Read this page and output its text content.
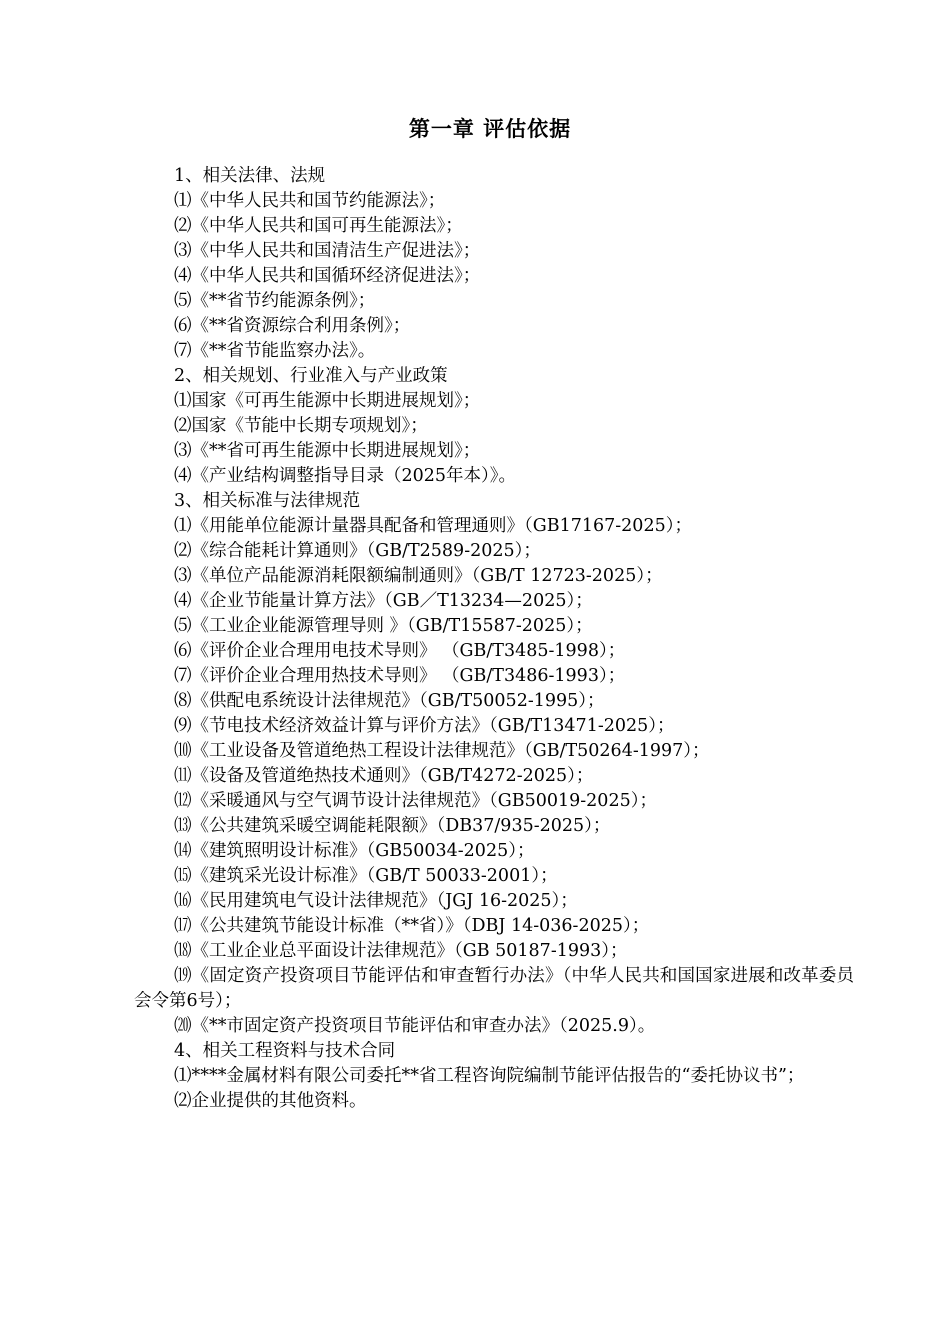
第一章 评估依据
1、相关法律、法规
⑴《中华人民共和国节约能源法》；
⑵《中华人民共和国可再生能源法》；
⑶《中华人民共和国清洁生产促进法》；
⑷《中华人民共和国循环经济促进法》；
⑸《**省节约能源条例》；
⑹《**省资源综合利用条例》；
⑺《**省节能监察办法》。
2、相关规划、行业准入与产业政策
⑴国家《可再生能源中长期进展规划》；
⑵国家《节能中长期专项规划》；
⑶《**省可再生能源中长期进展规划》；
⑷《产业结构调整指导目录（2025年本）》。
3、相关标准与法律规范
⑴《用能单位能源计量器具配备和管理通则》（GB17167-2025）；
⑵《综合能耗计算通则》（GB/T2589-2025）；
⑶《单位产品能源消耗限额编制通则》（GB/T 12723-2025）；
⑷《企业节能量计算方法》（GB／T13234—2025）；
⑸《工业企业能源管理导则 》（GB/T15587-2025）；
⑹《评价企业合理用电技术导则》 （GB/T3485-1998）；
⑺《评价企业合理用热技术导则》 （GB/T3486-1993）；
⑻《供配电系统设计法律规范》（GB/T50052-1995）；
⑼《节电技术经济效益计算与评价方法》（GB/T13471-2025）；
⑽《工业设备及管道绝热工程设计法律规范》（GB/T50264-1997）；
⑾《设备及管道绝热技术通则》（GB/T4272-2025）；
⑿《采暖通风与空气调节设计法律规范》（GB50019-2025）；
⒀《公共建筑采暖空调能耗限额》（DB37/935-2025）；
⒁《建筑照明设计标准》（GB50034-2025）；
⒂《建筑采光设计标准》（GB/T 50033-2001）；
⒃《民用建筑电气设计法律规范》（JGJ 16-2025）；
⒄《公共建筑节能设计标准（**省）》（DBJ 14-036-2025）；
⒅《工业企业总平面设计法律规范》（GB 50187-1993）；
⒆《固定资产投资项目节能评估和审查暂行办法》（中华人民共和国国家进展和改革委员会令第6号）；
⒇《**市固定资产投资项目节能评估和审查办法》（2025.9）。
4、相关工程资料与技术合同
⑴****金属材料有限公司委托**省工程咨询院编制节能评估报告的“委托协议书”；
⑵企业提供的其他资料。
